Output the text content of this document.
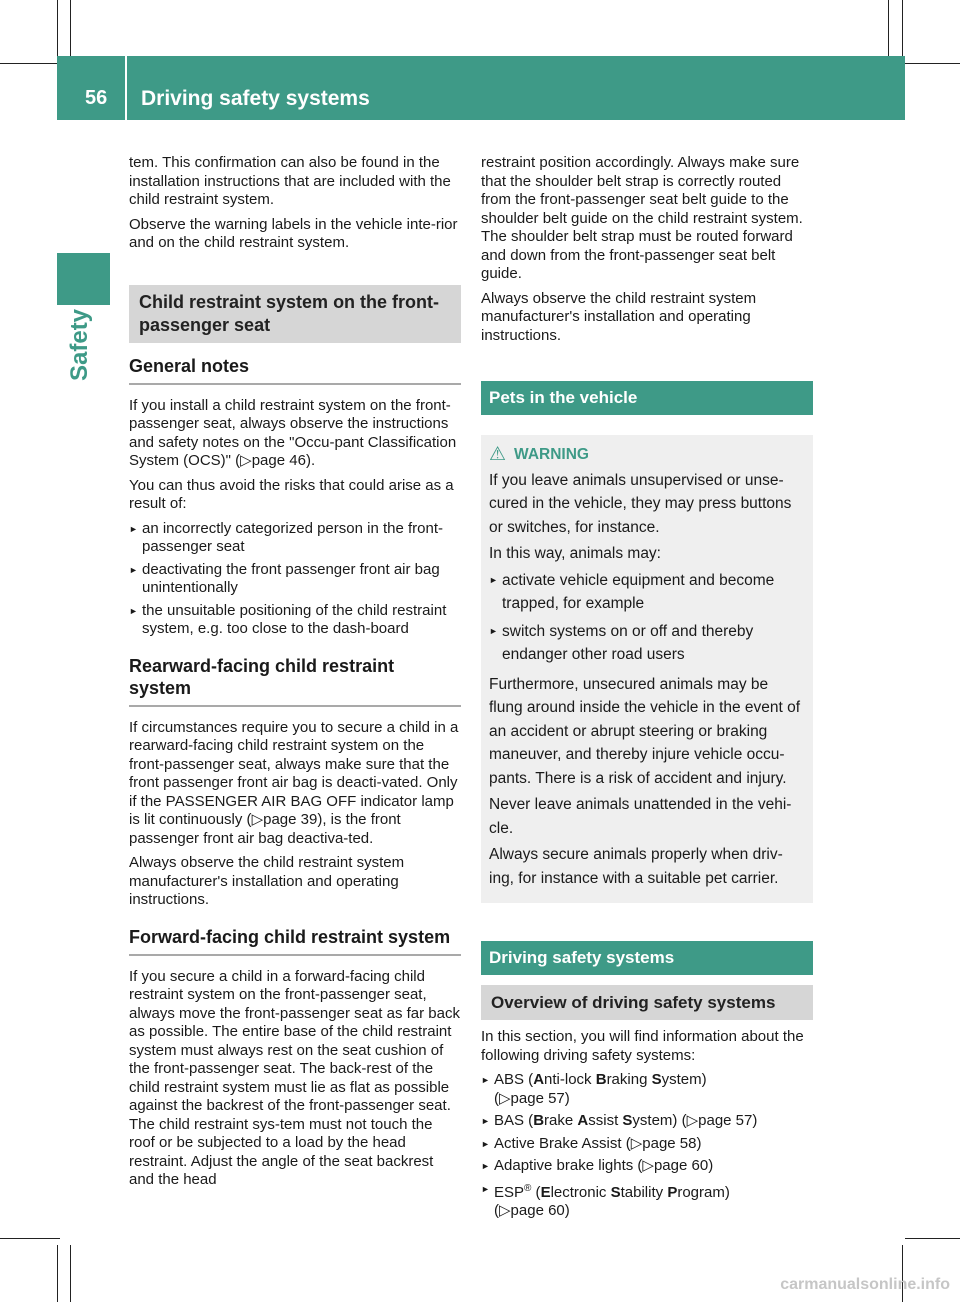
56 Driving safety systems
Safety

tem. This confirmation can also be found in the installation instructions that are included with the child restraint system.

Observe the warning labels in the vehicle inte-rior and on the child restraint system.

Child restraint system on the front-passenger seat
General notes

If you install a child restraint system on the front-passenger seat, always observe the instructions and safety notes on the "Occu-pant Classification System (OCS)" (▷page 46).

You can thus avoid the risks that could arise as a result of:

► an incorrectly categorized person in the front-passenger seat
► deactivating the front passenger front air bag unintentionally
► the unsuitable positioning of the child restraint system, e.g. too close to the dash-board
Rearward-facing child restraint system

If circumstances require you to secure a child in a rearward-facing child restraint system on the front-passenger seat, always make sure that the front passenger front air bag is deacti-vated. Only if the PASSENGER AIR BAG OFF indicator lamp is lit continuously (▷page 39), is the front passenger front air bag deactiva-ted.

Always observe the child restraint system manufacturer's installation and operating instructions.

Forward-facing child restraint system

If you secure a child in a forward-facing child restraint system on the front-passenger seat, always move the front-passenger seat as far back as possible. The entire base of the child restraint system must always rest on the seat cushion of the front-passenger seat. The back-rest of the child restraint system must lie as flat as possible against the backrest of the front-passenger seat. The child restraint sys-tem must not touch the roof or be subjected to a load by the head restraint. Adjust the angle of the seat backrest and the head

restraint position accordingly. Always make sure that the shoulder belt strap is correctly routed from the front-passenger seat belt guide to the shoulder belt guide on the child restraint system. The shoulder belt strap must be routed forward and down from the front-passenger seat belt guide.

Always observe the child restraint system manufacturer's installation and operating instructions.

Pets in the vehicle
⚠ WARNING

If you leave animals unsupervised or unse-cured in the vehicle, they may press buttons or switches, for instance.

In this way, animals may:

► activate vehicle equipment and become trapped, for example
► switch systems on or off and thereby endanger other road users

Furthermore, unsecured animals may be flung around inside the vehicle in the event of an accident or abrupt steering or braking maneuver, and thereby injure vehicle occu-pants. There is a risk of accident and injury.

Never leave animals unattended in the vehi-cle.

Always secure animals properly when driv-ing, for instance with a suitable pet carrier.

Driving safety systems
Overview of driving safety systems

In this section, you will find information about the following driving safety systems:

► ABS (Anti-lock Braking System)
(▷page 57)
► BAS (Brake Assist System) (▷page 57)
► Active Brake Assist (▷page 58)
► Adaptive brake lights (▷page 60)
► ESP® (Electronic Stability Program)
(▷page 60)
carmanualsonline.info
